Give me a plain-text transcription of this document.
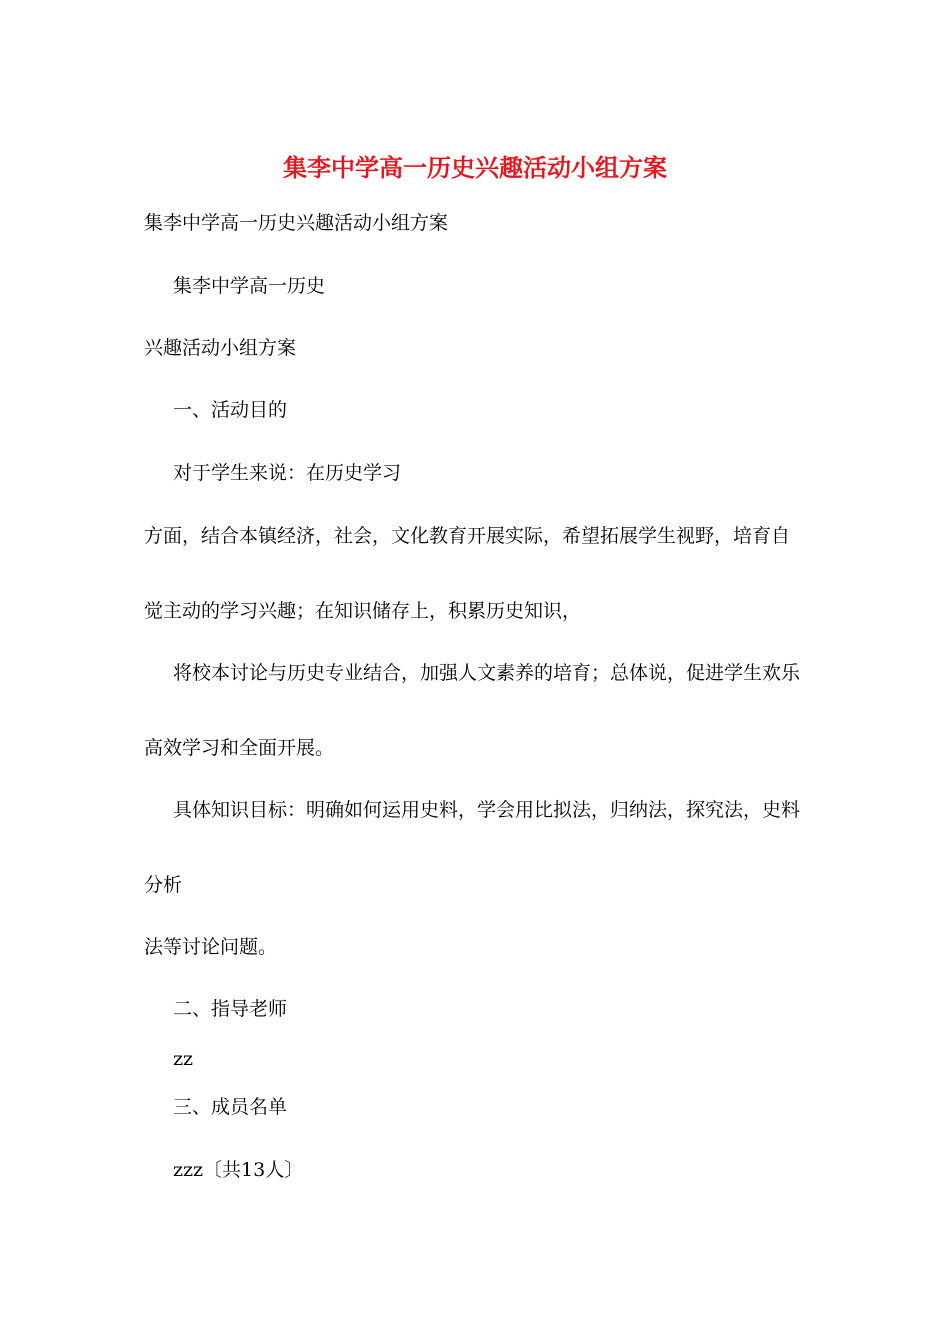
集李中学高一历史兴趣活动小组方案
集李中学高一历史兴趣活动小组方案
集李中学高一历史
兴趣活动小组方案
一、活动目的
对于学生来说：在历史学习
方面，结合本镇经济，社会，文化教育开展实际，希望拓展学生视野，培育自
觉主动的学习兴趣；在知识储存上，积累历史知识，
将校本讨论与历史专业结合，加强人文素养的培育；总体说，促进学生欢乐
高效学习和全面开展。
具体知识目标：明确如何运用史料，学会用比拟法，归纳法，探究法，史料
分析
法等讨论问题。
二、指导老师
zz
三、成员名单
zzz〔共13人〕
